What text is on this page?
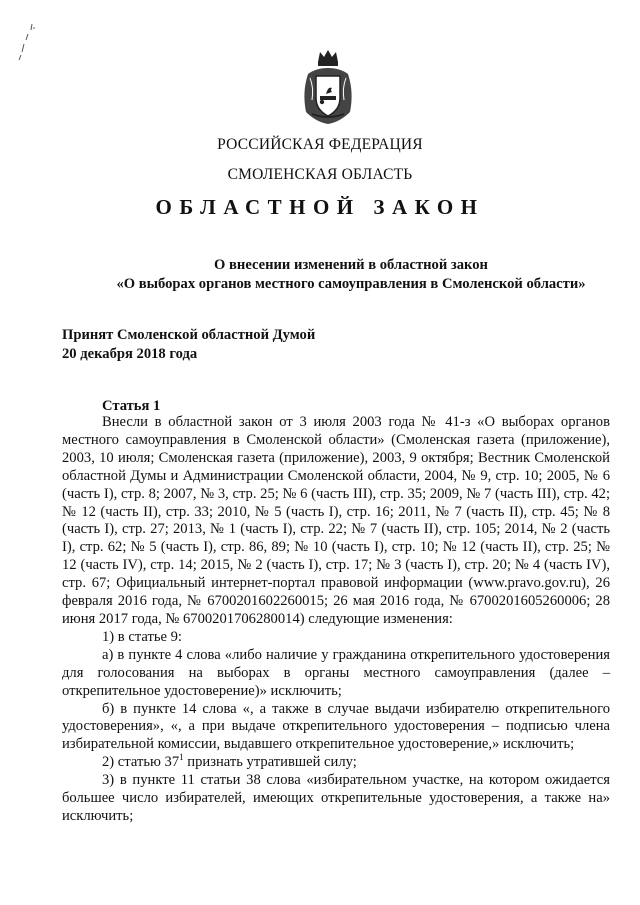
РОССИЙСКАЯ ФЕДЕРАЦИЯ
СМОЛЕНСКАЯ ОБЛАСТЬ
ОБЛАСТНОЙ ЗАКОН
О внесении изменений в областной закон
«О выборах органов местного самоуправления в Смоленской области»
Принят Смоленской областной Думой
20 декабря 2018 года
Статья 1

Внесли в областной закон от 3 июля 2003 года № 41-з «О выборах органов местного самоуправления в Смоленской области» (Смоленская газета (приложение), 2003, 10 июля; Смоленская газета (приложение), 2003, 9 октября; Вестник Смоленской областной Думы и Администрации Смоленской области, 2004, № 9, стр. 10; 2005, № 6 (часть I), стр. 8; 2007, № 3, стр. 25; № 6 (часть III), стр. 35; 2009, № 7 (часть III), стр. 42; № 12 (часть II), стр. 33; 2010, № 5 (часть I), стр. 16; 2011, № 7 (часть II), стр. 45; № 8 (часть I), стр. 27; 2013, № 1 (часть I), стр. 22; № 7 (часть II), стр. 105; 2014, № 2 (часть I), стр. 62; № 5 (часть I), стр. 86, 89; № 10 (часть I), стр. 10; № 12 (часть II), стр. 25; № 12 (часть IV), стр. 14; 2015, № 2 (часть I), стр. 17; № 3 (часть I), стр. 20; № 4 (часть IV), стр. 67; Официальный интернет-портал правовой информации (www.pravo.gov.ru), 26 февраля 2016 года, № 6700201602260015; 26 мая 2016 года, № 6700201605260006; 28 июня 2017 года, № 6700201706280014) следующие изменения:

1) в статье 9:

а) в пункте 4 слова «либо наличие у гражданина открепительного удостоверения для голосования на выборах в органы местного самоуправления (далее – открепительное удостоверение)» исключить;

б) в пункте 14 слова «, а также в случае выдачи избирателю открепительного удостоверения», «, а при выдаче открепительного удостоверения – подписью члена избирательной комиссии, выдавшего открепительное удостоверение,» исключить;

2) статью $37^1$ признать утратившей силу;

3) в пункте 11 статьи 38 слова «избирательном участке, на котором ожидается большее число избирателей, имеющих открепительные удостоверения, а также на» исключить;
